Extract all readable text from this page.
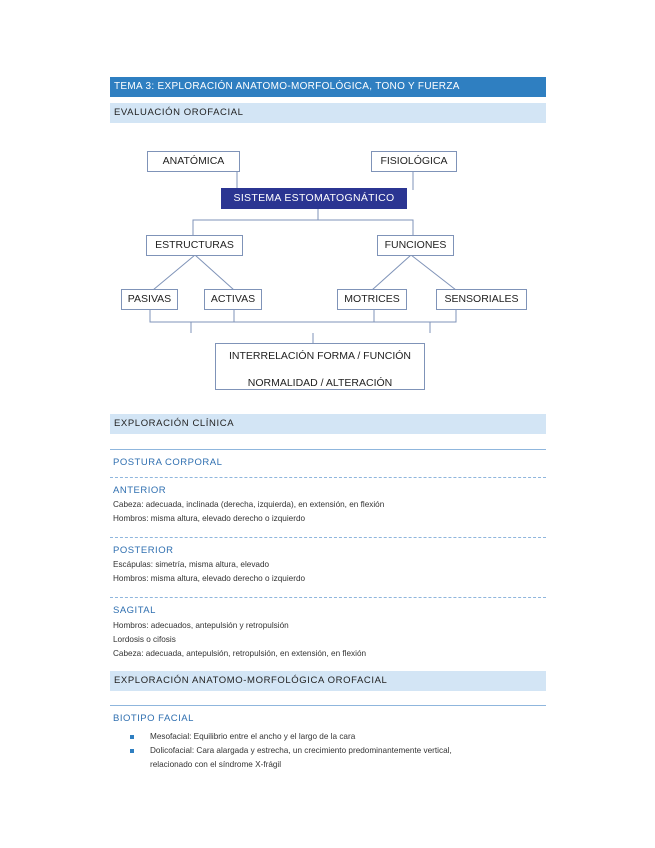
TEMA 3: EXPLORACIÓN ANATOMO-MORFOLÓGICA, TONO Y FUERZA
EVALUACIÓN OROFACIAL
ANATÓMICA	FISIOLÓGICA
SISTEMA ESTOMATOGNÁTICO
ESTRUCTURAS	FUNCIONES
PASIVAS	ACTIVAS	MOTRICES	SENSORIALES
INTERRELACIÓN FORMA / FUNCIÓN
NORMALIDAD / ALTERACIÓN
EXPLORACIÓN CLÍNICA
POSTURA CORPORAL
ANTERIOR
Cabeza: adecuada, inclinada (derecha, izquierda), en extensión, en flexión
Hombros: misma altura, elevado derecho o izquierdo
POSTERIOR
Escápulas: simetría, misma altura, elevado
Hombros: misma altura, elevado derecho o izquierdo
SAGITAL
Hombros: adecuados, antepulsión y retropulsión
Lordosis o cifosis
Cabeza: adecuada, antepulsión, retropulsión, en extensión, en flexión
EXPLORACIÓN ANATOMO-MORFOLÓGICA OROFACIAL
BIOTIPO FACIAL
Mesofacial: Equilibrio entre el ancho y el largo de la cara
Dolicofacial: Cara alargada y estrecha, un crecimiento predominantemente vertical,
relacionado con el síndrome X-frágil
